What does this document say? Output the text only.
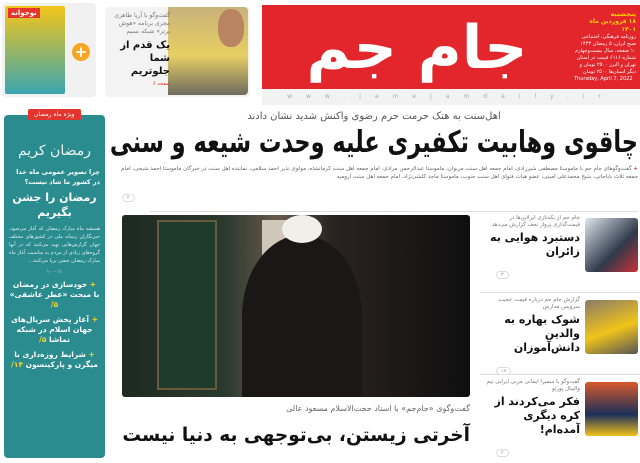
نوجوانه
+
گفت‌وگو با آریا طاهری مجری برنامه «هوش برتر» شبکه نسیم
یک قدم از شما جلوتریم
صفحه ۶
جام جم	پنجشنبه
۱۸ فروردین ماه ۱۴۰۱
روزنامه فرهنگی، اجتماعی صبح ایران، ۵ رمضان ۱۴۴۳ ۱۰ صفحه، سال بیست‌وچهارم شماره ۶۱۱۶ قیمت در استان تهران و البرز ۲۵۰۰ تومان و دیگر استان‌ها ۲۵۰۰ تومان
Thursday, April 7, 2022
www.jamejamdaily.ir
ویژه ماه رمضان
رمضان کریم
چرا تصویر عمومی ماه خدا در کشور ما شاد نیست؟
رمضان را جشن بگیریم
همیشه ماه مبارک رمضان که آغاز می‌شود، خبرنگاران رسانه ملی در کشورهای مختلف جهان گزارش‌هایی تهیه می‌کنند که در آنها گروه‌های زیادی از مردم به مناسبت آغاز ماه مبارک رمضان جشن برپا می‌کنند...
۱۱ - ۱۰
+ خودسازی در رمضان با مبحث «عطر عاشقی» ۵/
+ آغاز پخش سریال‌های جهان اسلام در شبکه تماشا ۵/
+ شرایط روزه‌داری با میگرن و پارکینسون ۱۴/
اهل‌سنت به هتک حرمت حرم رضوی واکنش شدید نشان دادند
چاقوی وهابیت تکفیری علیه وحدت شیعه و سنی
+ گفت‌وگوهای جام جم با ماموستا مصطفی شیرزادی، امام جمعه اهل سنت مریوان، ماموستا عبدالرحمن مرادی، امام جمعه اهل سنت کرمانشاه، مولوی نذیر احمد سلامی، نماینده اهل سنت در خبرگان ماموستا احمد شیخی، امام جمعه ثلاث باباجانی، شیخ محمدعلی امینی، عضو هیات فتوای اهل سنت جنوب، ماموستا ماجد کلشی‌نژاد، امام جمعه اهل سنت ارومیه
۲
گفت‌وگوی «جام‌جم» با استاد حجت‌الاسلام مسعود عالی
آخرتی زیستن، بی‌توجهی به دنیا نیست
جام جم از یکه‌تازی ایرلاین‌ها در قیمت‌گذاری پرواز نجف گزارش می‌دهد
دستبرد هوایی به زائران
۳
گزارش جام جم درباره قیمت عجیب سرویس مدارس
شوک بهاره به والدین دانش‌آموزان
۱۸
گفت‌وگو با سمیرا ایمانی مربی ایرانی تیم والیبال پورتو
فکر می‌کردند از کره دیگری آمده‌ام!
۴
